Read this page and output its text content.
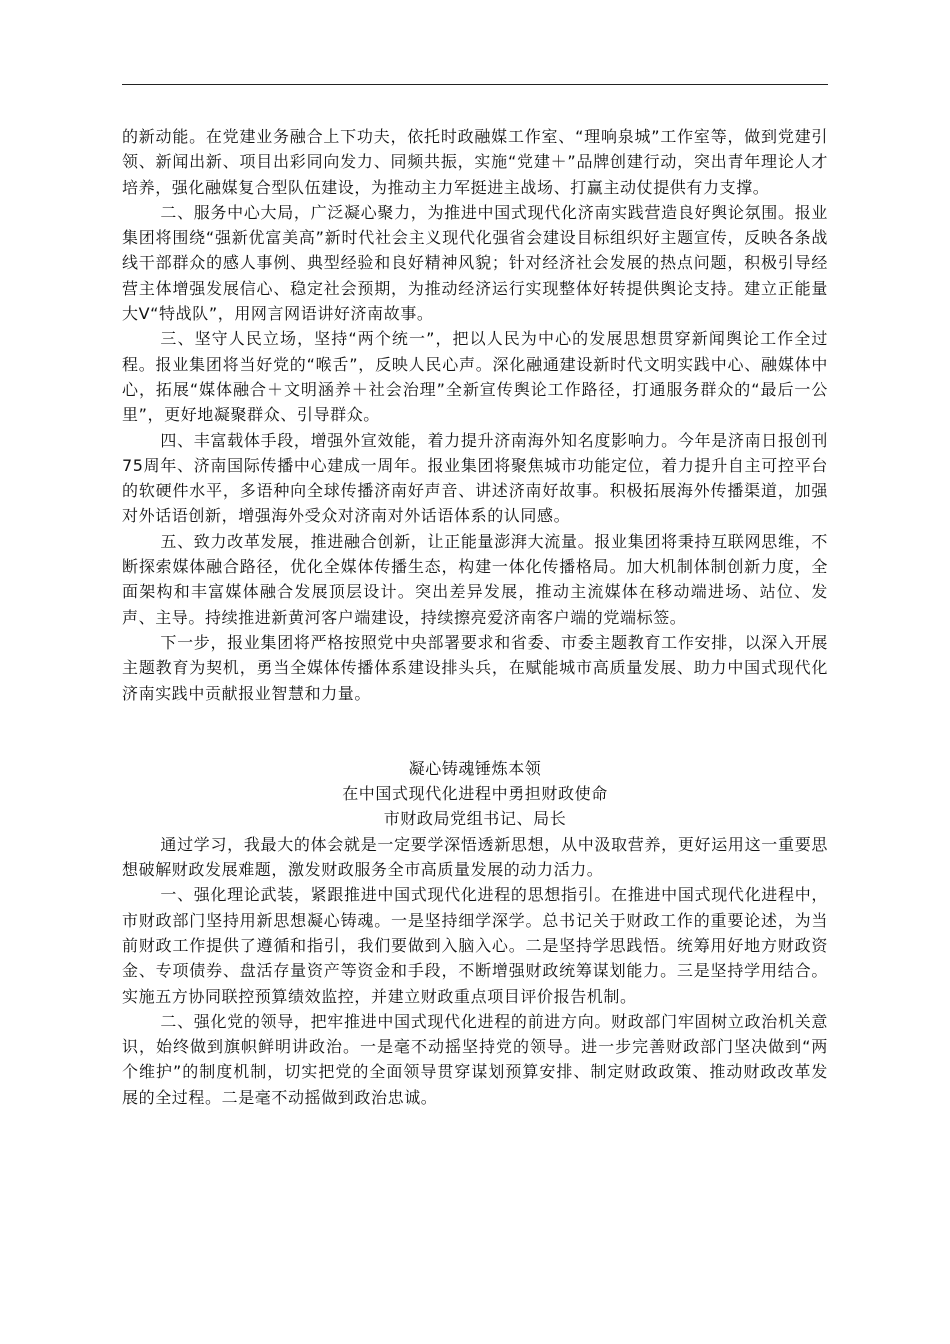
的新动能。在党建业务融合上下功夫，依托时政融媒工作室、“理响泉城”工作室等，做到党建引领、新闻出新、项目出彩同向发力、同频共振，实施“党建＋”品牌创建行动，突出青年理论人才培养，强化融媒复合型队伍建设，为推动主力军挺进主战场、打赢主动仗提供有力支撑。

二、服务中心大局，广泛凝心聚力，为推进中国式现代化济南实践营造良好舆论氛围。报业集团将围绕“强新优富美高”新时代社会主义现代化强省会建设目标组织好主题宣传，反映各条战线干部群众的感人事例、典型经验和良好精神风貌；针对经济社会发展的热点问题，积极引导经营主体增强发展信心、稳定社会预期，为推动经济运行实现整体好转提供舆论支持。建立正能量大V“特战队”，用网言网语讲好济南故事。

三、坚守人民立场，坚持“两个统一”，把以人民为中心的发展思想贯穿新闻舆论工作全过程。报业集团将当好党的“喉舌”，反映人民心声。深化融通建设新时代文明实践中心、融媒体中心，拓展“媒体融合＋文明涵养＋社会治理”全新宣传舆论工作路径，打通服务群众的“最后一公里”，更好地凝聚群众、引导群众。

四、丰富载体手段，增强外宣效能，着力提升济南海外知名度影响力。今年是济南日报创刊75周年、济南国际传播中心建成一周年。报业集团将聚焦城市功能定位，着力提升自主可控平台的软硬件水平，多语种向全球传播济南好声音、讲述济南好故事。积极拓展海外传播渠道，加强对外话语创新，增强海外受众对济南对外话语体系的认同感。

五、致力改革发展，推进融合创新，让正能量澎湃大流量。报业集团将秉持互联网思维，不断探索媒体融合路径，优化全媒体传播生态，构建一体化传播格局。加大机制体制创新力度，全面架构和丰富媒体融合发展顶层设计。突出差异发展，推动主流媒体在移动端进场、站位、发声、主导。持续推进新黄河客户端建设，持续擦亮爱济南客户端的党端标签。

下一步，报业集团将严格按照党中央部署要求和省委、市委主题教育工作安排，以深入开展主题教育为契机，勇当全媒体传播体系建设排头兵，在赋能城市高质量发展、助力中国式现代化济南实践中贡献报业智慧和力量。

凝心铸魂锤炼本领

在中国式现代化进程中勇担财政使命

市财政局党组书记、局长

通过学习，我最大的体会就是一定要学深悟透新思想，从中汲取营养，更好运用这一重要思想破解财政发展难题，激发财政服务全市高质量发展的动力活力。

一、强化理论武装，紧跟推进中国式现代化进程的思想指引。在推进中国式现代化进程中，市财政部门坚持用新思想凝心铸魂。一是坚持细学深学。总书记关于财政工作的重要论述，为当前财政工作提供了遵循和指引，我们要做到入脑入心。二是坚持学思践悟。统筹用好地方财政资金、专项债券、盘活存量资产等资金和手段，不断增强财政统筹谋划能力。三是坚持学用结合。实施五方协同联控预算绩效监控，并建立财政重点项目评价报告机制。

二、强化党的领导，把牢推进中国式现代化进程的前进方向。财政部门牢固树立政治机关意识，始终做到旗帜鲜明讲政治。一是毫不动摇坚持党的领导。进一步完善财政部门坚决做到“两个维护”的制度机制，切实把党的全面领导贯穿谋划预算安排、制定财政政策、推动财政改革发展的全过程。二是毫不动摇做到政治忠诚。
